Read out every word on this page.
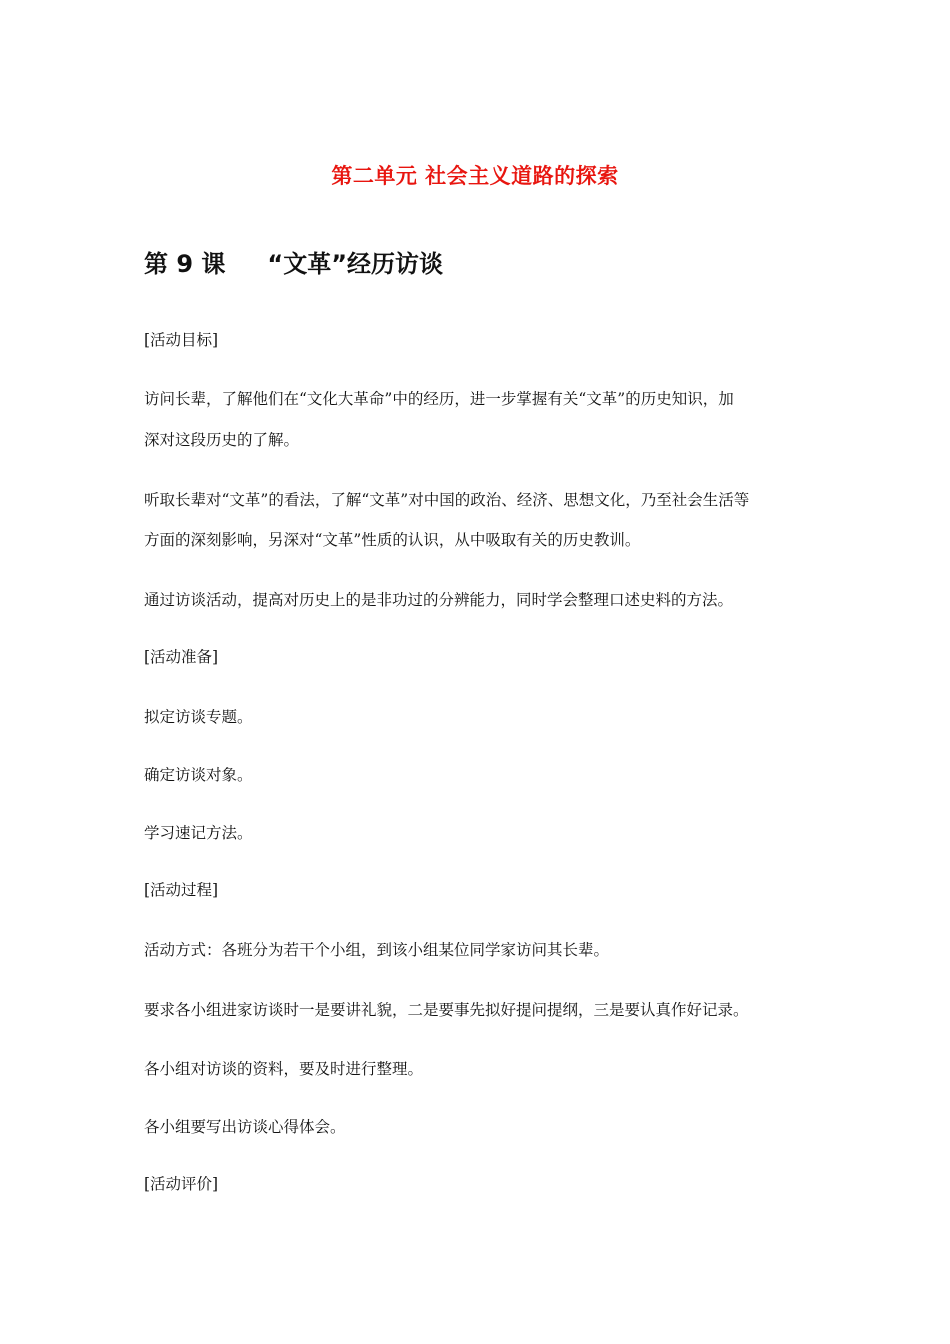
第二单元 社会主义道路的探索
第 9 课 “文革”经历访谈
[活动目标]
访问长辈，了解他们在“文化大革命”中的经历，进一步掌握有关“文革”的历史知识，加
深对这段历史的了解。
听取长辈对“文革”的看法，了解“文革”对中国的政治、经济、思想文化，乃至社会生活等
方面的深刻影响，另深对“文革”性质的认识，从中吸取有关的历史教训。
通过访谈活动，提高对历史上的是非功过的分辨能力，同时学会整理口述史料的方法。
[活动准备]
拟定访谈专题。
确定访谈对象。
学习速记方法。
[活动过程]
活动方式：各班分为若干个小组，到该小组某位同学家访问其长辈。
要求各小组进家访谈时一是要讲礼貌，二是要事先拟好提问提纲，三是要认真作好记录。
各小组对访谈的资料，要及时进行整理。
各小组要写出访谈心得体会。
[活动评价]
